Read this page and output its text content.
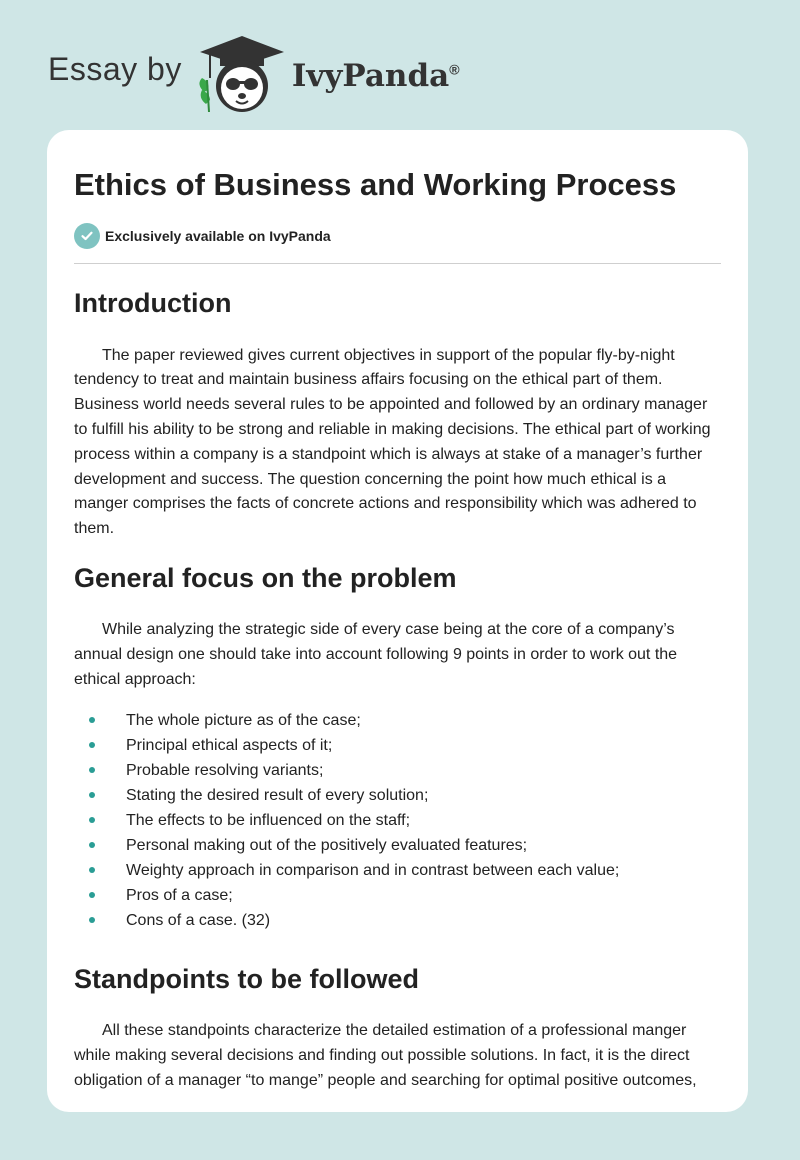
Essay by	IvyPanda®
Ethics of Business and Working Process
Exclusively available on IvyPanda
Introduction

The paper reviewed gives current objectives in support of the popular fly-by-night tendency to treat and maintain business affairs focusing on the ethical part of them. Business world needs several rules to be appointed and followed by an ordinary manager to fulfill his ability to be strong and reliable in making decisions. The ethical part of working process within a company is a standpoint which is always at stake of a manager’s further development and success. The question concerning the point how much ethical is a manger comprises the facts of concrete actions and responsibility which was adhered to them.

General focus on the problem

While analyzing the strategic side of every case being at the core of a company’s annual design one should take into account following 9 points in order to work out the ethical approach:

The whole picture as of the case;
Principal ethical aspects of it;
Probable resolving variants;
Stating the desired result of every solution;
The effects to be influenced on the staff;
Personal making out of the positively evaluated features;
Weighty approach in comparison and in contrast between each value;
Pros of a case;
Cons of a case. (32)
Standpoints to be followed

All these standpoints characterize the detailed estimation of a professional manger while making several decisions and finding out possible solutions. In fact, it is the direct obligation of a manager “to mange” people and searching for optimal positive outcomes,
